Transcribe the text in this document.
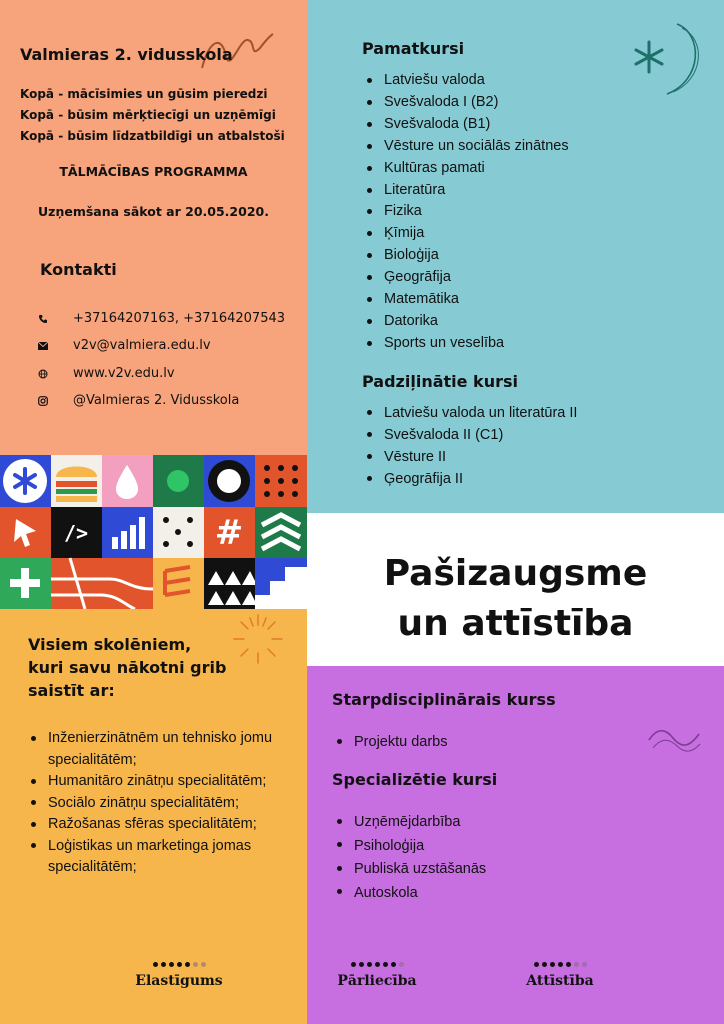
Valmieras 2. vidusskola
Kopā - mācīsimies un gūsim pieredzi
Kopā - būsim mērķtiecīgi un uzņēmīgi
Kopā - būsim līdzatbildīgi un atbalstoši
TĀLMĀCĪBAS PROGRAMMA
Uzņemšana sākot ar 20.05.2020.
Kontakti
+37164207163, +37164207543
v2v@valmiera.edu.lv
www.v2v.edu.lv
@Valmieras 2. Vidusskola
Pamatkursi
Latviešu valoda
Svešvaloda I (B2)
Svešvaloda (B1)
Vēsture un sociālās zinātnes
Kultūras pamati
Literatūra
Fizika
Ķīmija
Bioloģija
Ģeogrāfija
Matemātika
Datorika
Sports un veselība
Padziļinātie kursi
Latviešu valoda un literatūra II
Svešvaloda II (C1)
Vēsture II
Ģeogrāfija II
/>	#
Pašizaugsme
un attīstība
Visiem skolēniem,
kuri savu nākotni grib
saistīt ar:
Inženierzinātnēm un tehnisko jomu specialitātēm;
Humanitāro zinātņu specialitātēm;
Sociālo zinātņu specialitātēm;
Ražošanas sfēras specialitātēm;
Loģistikas un marketinga jomas specialitātēm;
Starpdisciplinārais kurss
Projektu darbs
Specializētie kursi
Uzņēmējdarbība
Psiholoģija
Publiskā uzstāšanās
Autoskola
Elastīgums	Pārliecība	Attīstība
